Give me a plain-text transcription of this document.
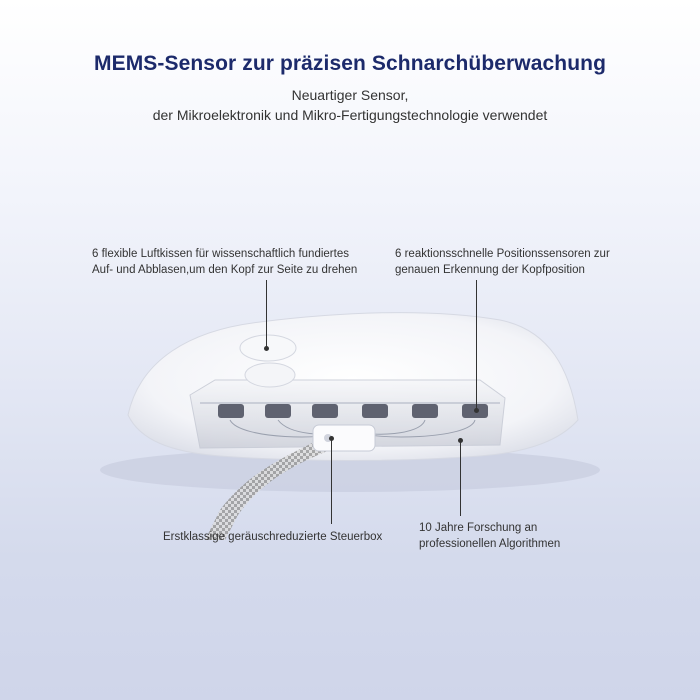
MEMS-Sensor zur präzisen Schnarchüberwachung
Neuartiger Sensor,
der Mikroelektronik und Mikro-Fertigungstechnologie verwendet
6 flexible Luftkissen für wissenschaftlich fundiertes
Auf- und Abblasen,um den Kopf zur Seite zu drehen
6 reaktionsschnelle Positionssensoren zur
genauen Erkennung der Kopfposition
Erstklassige geräuschreduzierte Steuerbox
10 Jahre Forschung an
professionellen Algorithmen
